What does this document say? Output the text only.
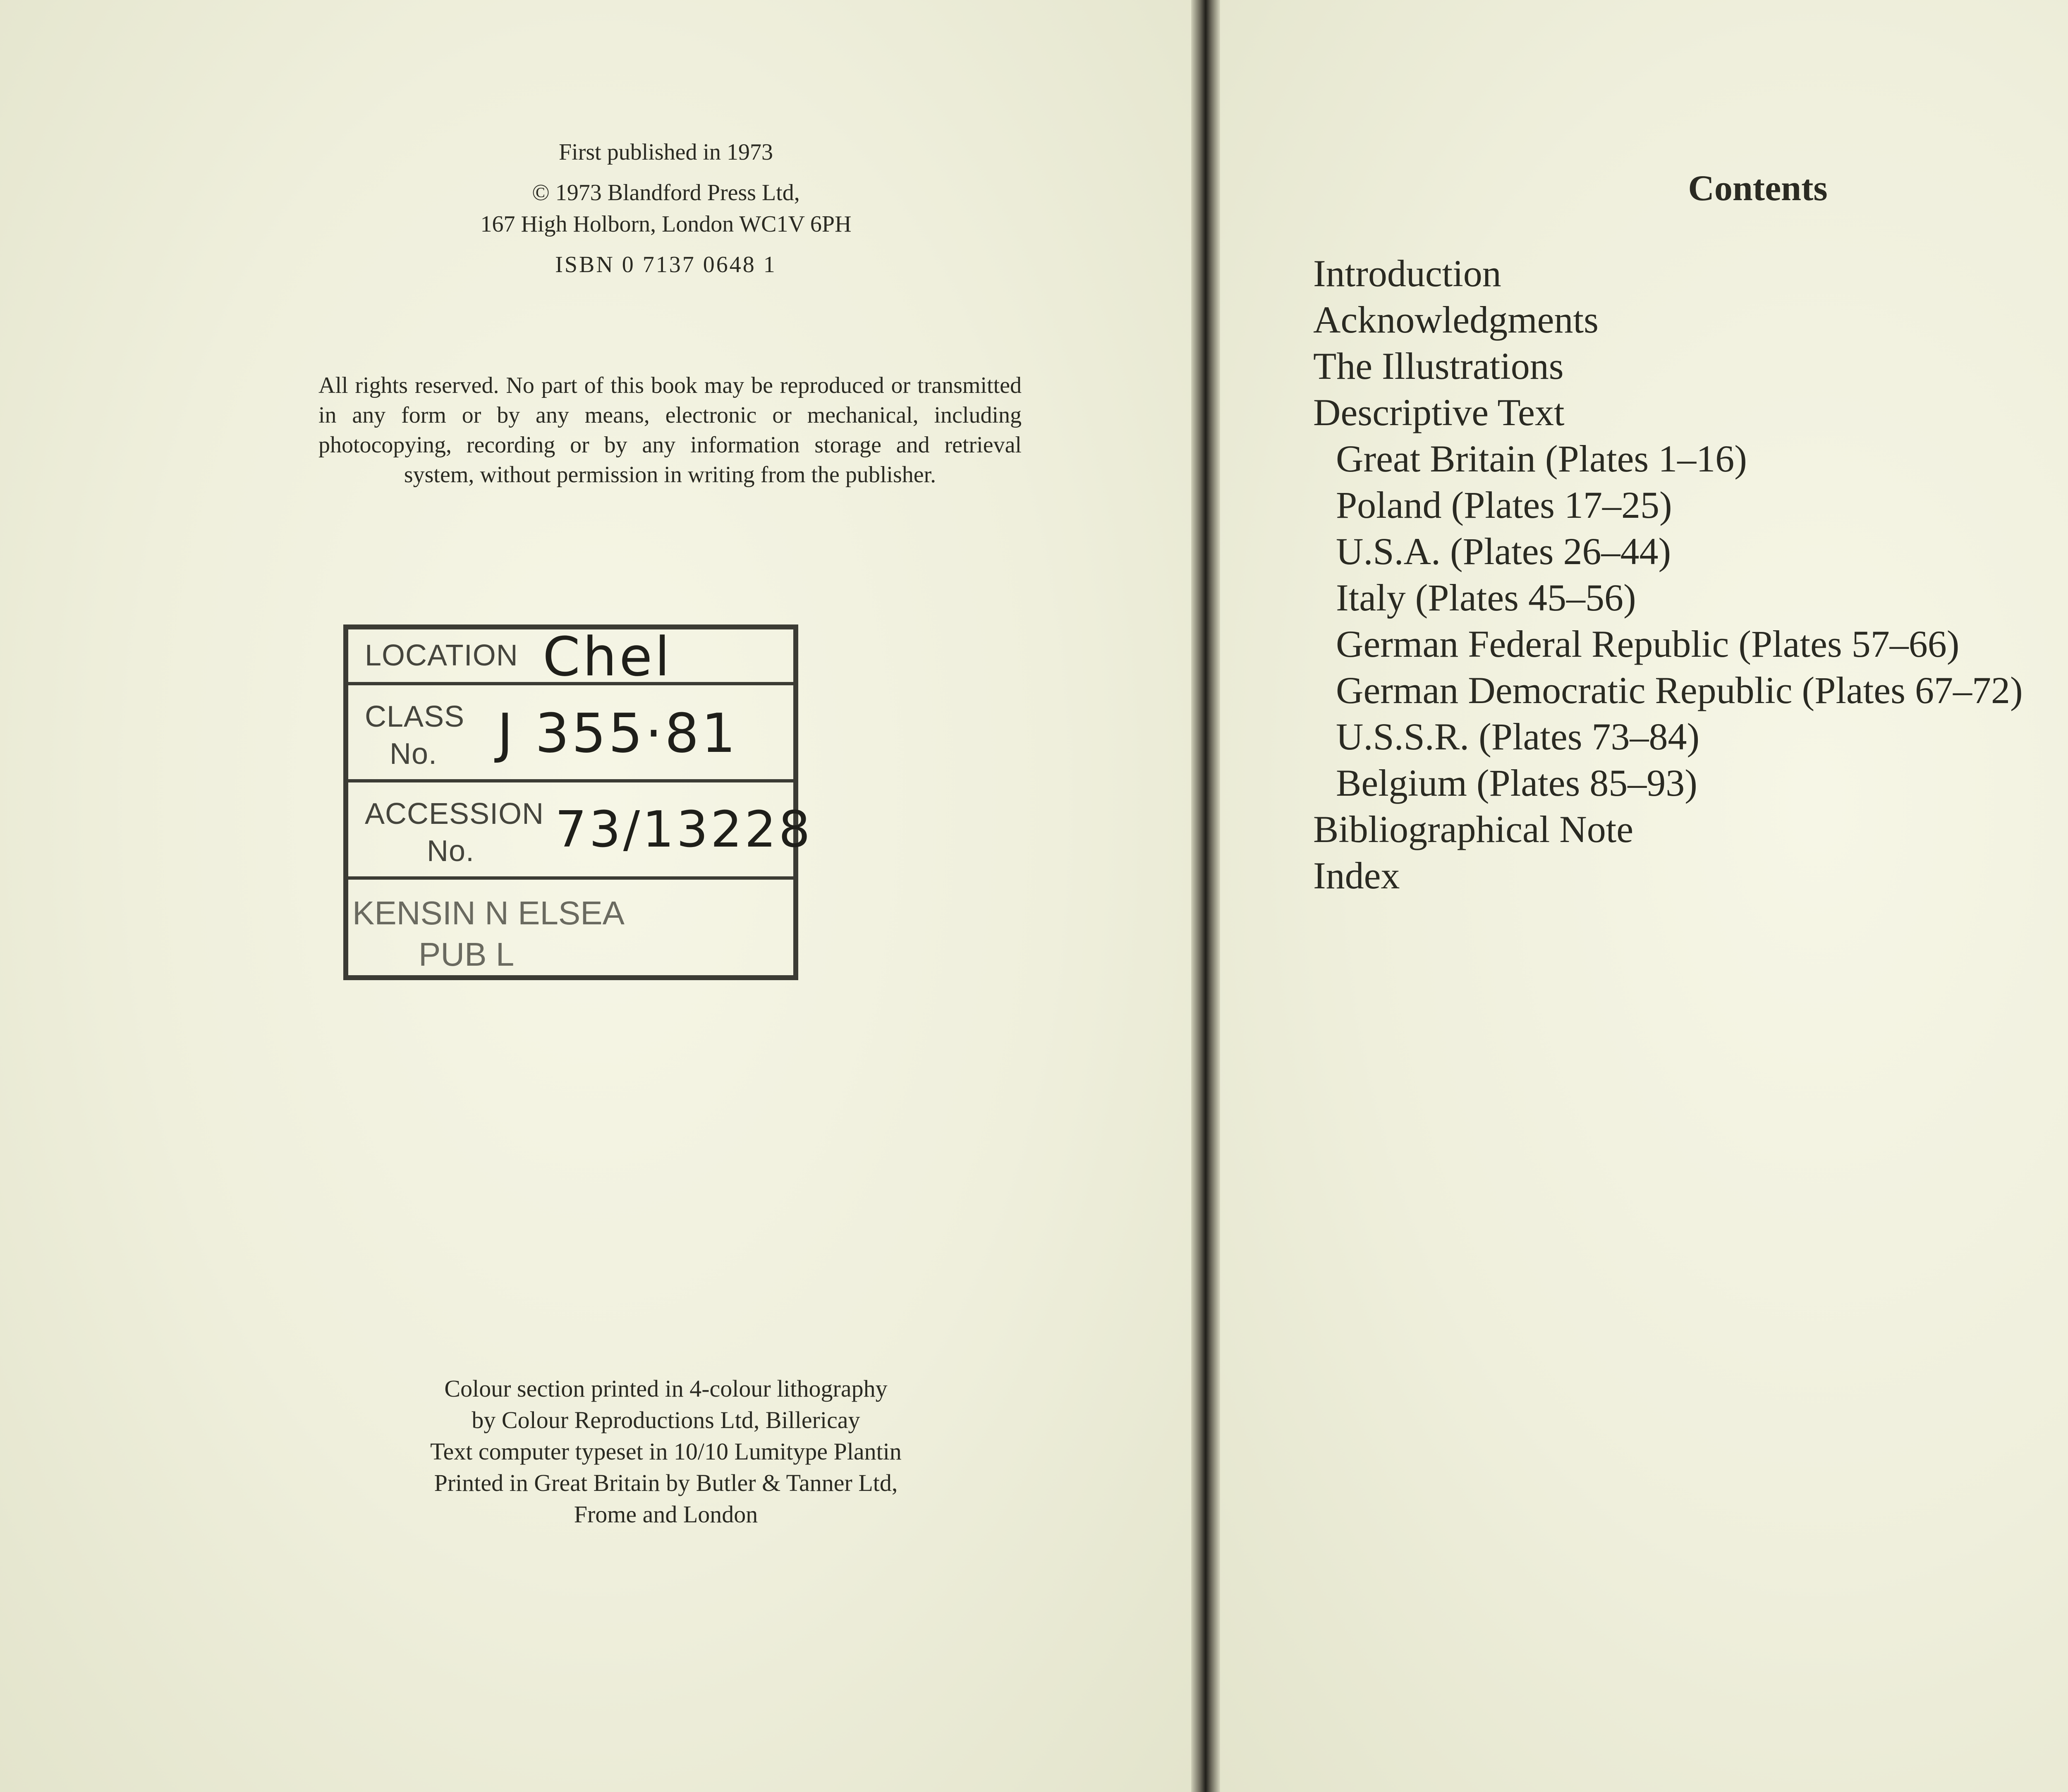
First published in 1973

© 1973 Blandford Press Ltd,

167 High Holborn, London WC1V 6PH

ISBN 0 7137 0648 1

All rights reserved. No part of this book may be reproduced or transmitted in any form or by any means, electronic or mechanical, including photocopying, recording or by any information storage and retrieval system, without permission in writing from the publisher.

LOCATION Chel
CLASS
No. J 355·81
ACCESSION
No. 73/13228
KENSIN N ELSEA
PUB L
Colour section printed in 4-colour lithography
by Colour Reproductions Ltd, Billericay
Text computer typeset in 10/10 Lumitype Plantin
Printed in Great Britain by Butler & Tanner Ltd,
Frome and London
Contents
Introduction
Acknowledgments
The Illustrations
Descriptive Text
Great Britain (Plates 1–16)
Poland (Plates 17–25)
U.S.A. (Plates 26–44)
Italy (Plates 45–56)
German Federal Republic (Plates 57–66)
German Democratic Republic (Plates 67–72)
U.S.S.R. (Plates 73–84)
Belgium (Plates 85–93)
Bibliographical Note
Index
